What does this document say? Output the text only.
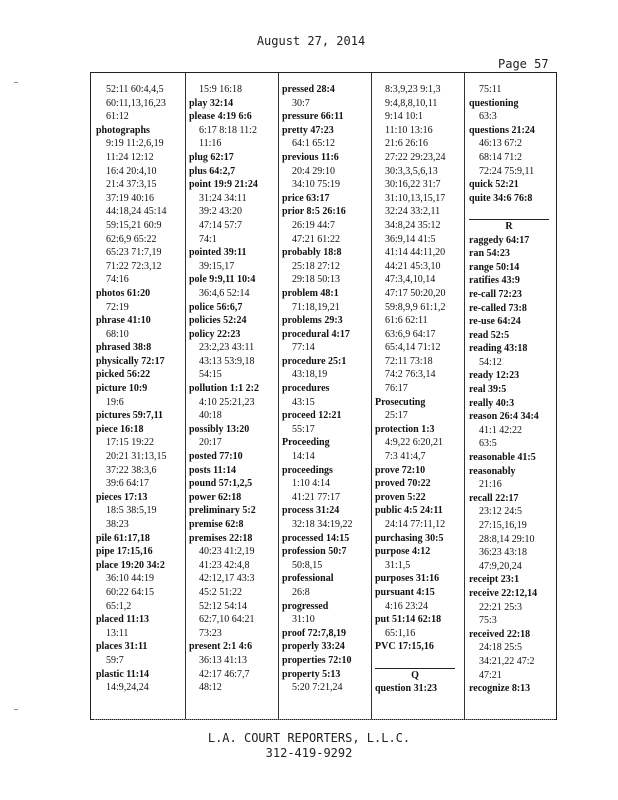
August 27, 2014
Page 57
52:11 60:4,4,5
60:11,13,16,23
61:12
photographs
9:19 11:2,6,19
11:24 12:12
16:4 20:4,10
21:4 37:3,15
37:19 40:16
44:18,24 45:14
59:15,21 60:9
62:6,9 65:22
65:23 71:7,19
71:22 72:3,12
74:16
photos 61:20
72:19
phrase 41:10
68:10
phrased 38:8
physically 72:17
picked 56:22
picture 10:9
19:6
pictures 59:7,11
piece 16:18
17:15 19:22
20:21 31:13,15
37:22 38:3,6
39:6 64:17
pieces 17:13
18:5 38:5,19
38:23
pile 61:17,18
pipe 17:15,16
place 19:20 34:2
36:10 44:19
60:22 64:15
65:1,2
placed 11:13
13:11
places 31:11
59:7
plastic 11:14
14:9,24,24
15:9 16:18
play 32:14
please 4:19 6:6
6:17 8:18 11:2
11:16
plug 62:17
plus 64:2,7
point 19:9 21:24
31:24 34:11
39:2 43:20
47:14 57:7
74:1
pointed 39:11
39:15,17
pole 9:9,11 10:4
36:4,6 52:14
police 56:6,7
policies 52:24
policy 22:23
23:2,23 43:11
43:13 53:9,18
54:15
pollution 1:1 2:2
4:10 25:21,23
40:18
possibly 13:20
20:17
posted 77:10
posts 11:14
pound 57:1,2,5
power 62:18
preliminary 5:2
premise 62:8
premises 22:18
40:23 41:2,19
41:23 42:4,8
42:12,17 43:3
45:2 51:22
52:12 54:14
62:7,10 64:21
73:23
present 2:1 4:6
36:13 41:13
42:17 46:7,7
48:12
pressed 28:4
30:7
pressure 66:11
pretty 47:23
64:1 65:12
previous 11:6
20:4 29:10
34:10 75:19
price 63:17
prior 8:5 26:16
26:19 44:7
47:21 61:22
probably 18:8
25:18 27:12
29:18 50:13
problem 48:1
71:18,19,21
problems 29:3
procedural 4:17
77:14
procedure 25:1
43:18,19
procedures
43:15
proceed 12:21
55:17
Proceeding
14:14
proceedings
1:10 4:14
41:21 77:17
process 31:24
32:18 34:19,22
processed 14:15
profession 50:7
50:8,15
professional
26:8
progressed
31:10
proof 72:7,8,19
properly 33:24
properties 72:10
property 5:13
5:20 7:21,24
8:3,9,23 9:1,3
9:4,8,8,10,11
9:14 10:1
11:10 13:16
21:6 26:16
27:22 29:23,24
30:3,3,5,6,13
30:16,22 31:7
31:10,13,15,17
32:24 33:2,11
34:8,24 35:12
36:9,14 41:5
41:14 44:11,20
44:21 45:3,10
47:3,4,10,14
47:17 50:20,20
59:8,9,9 61:1,2
61:6 62:11
63:6,9 64:17
65:4,14 71:12
72:11 73:18
74:2 76:3,14
76:17
Prosecuting
25:17
protection 1:3
4:9,22 6:20,21
7:3 41:4,7
prove 72:10
proved 70:22
proven 5:22
public 4:5 24:11
24:14 77:11,12
purchasing 30:5
purpose 4:12
31:1,5
purposes 31:16
pursuant 4:15
4:16 23:24
put 51:14 62:18
65:1,16
PVC 17:15,16
Q
question 31:23
75:11
questioning
63:3
questions 21:24
46:13 67:2
68:14 71:2
72:24 75:9,11
quick 52:21
quite 34:6 76:8
R
raggedy 64:17
ran 54:23
range 50:14
ratifies 43:9
re-call 72:23
re-called 73:8
re-use 64:24
read 52:5
reading 43:18
54:12
ready 12:23
real 39:5
really 40:3
reason 26:4 34:4
41:1 42:22
63:5
reasonable 41:5
reasonably
21:16
recall 22:17
23:12 24:5
27:15,16,19
28:8,14 29:10
36:23 43:18
47:9,20,24
receipt 23:1
receive 22:12,14
22:21 25:3
75:3
received 22:18
24:18 25:5
34:21,22 47:2
47:21
recognize 8:13
L.A. COURT REPORTERS, L.L.C.
312-419-9292
